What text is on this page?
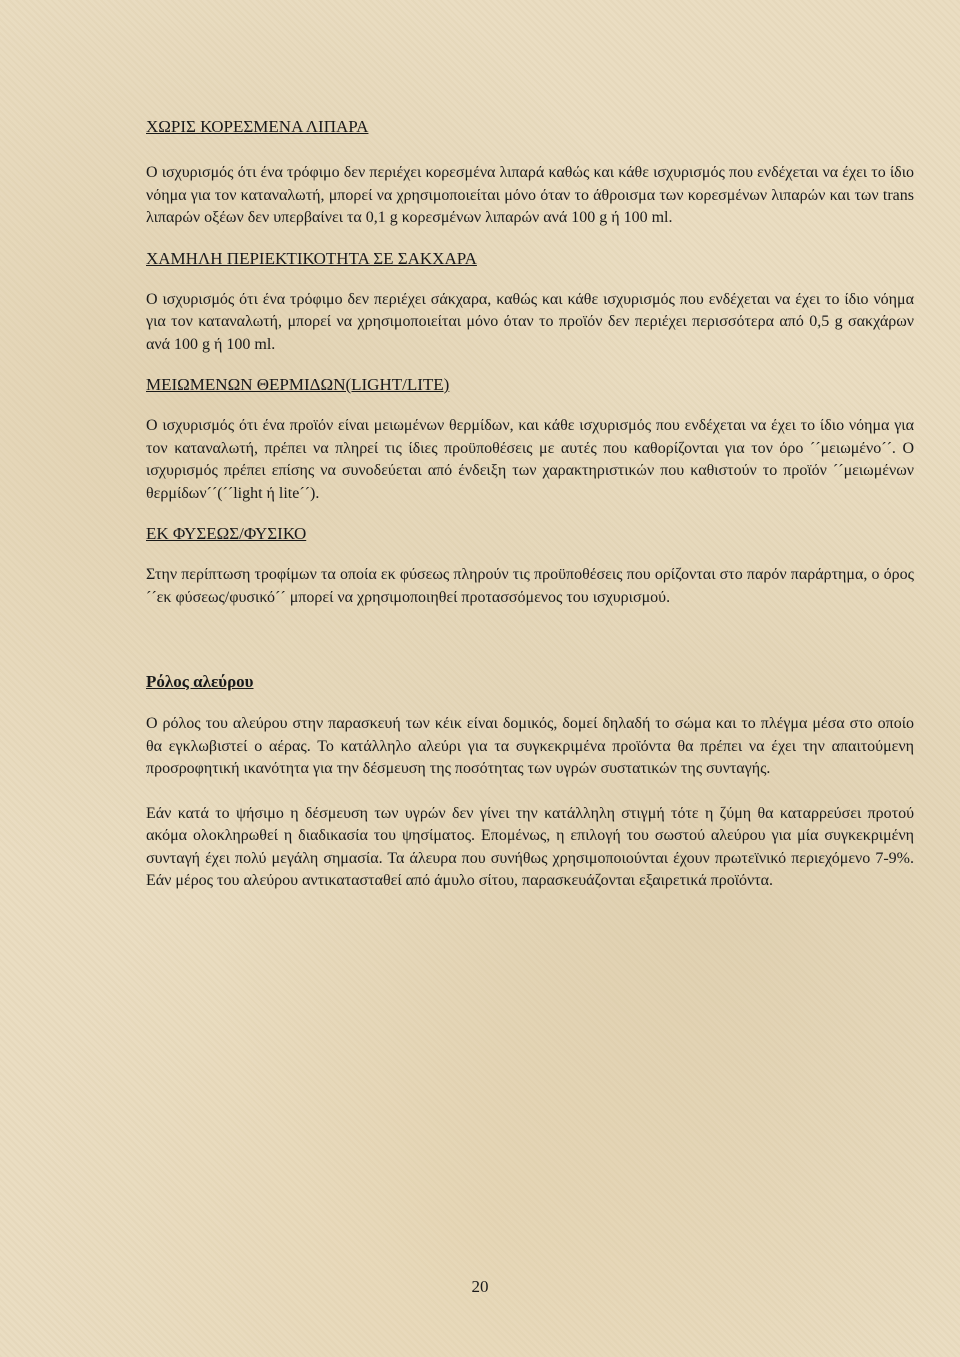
ΧΩΡΙΣ ΚΟΡΕΣΜΕΝΑ ΛΙΠΑΡΑ

Ο ισχυρισμός ότι ένα τρόφιμο δεν περιέχει κορεσμένα λιπαρά καθώς και κάθε ισχυρισμός που ενδέχεται να έχει το ίδιο νόημα για τον καταναλωτή, μπορεί να χρησιμοποιείται μόνο όταν το άθροισμα των κορεσμένων λιπαρών και των trans λιπαρών οξέων δεν υπερβαίνει τα 0,1 g κορεσμένων λιπαρών ανά 100 g ή 100 ml.

ΧΑΜΗΛΗ ΠΕΡΙΕΚΤΙΚΟΤΗΤΑ ΣΕ ΣΑΚΧΑΡΑ

Ο ισχυρισμός ότι ένα τρόφιμο δεν περιέχει σάκχαρα, καθώς και κάθε ισχυρισμός που ενδέχεται να έχει το ίδιο νόημα για τον καταναλωτή, μπορεί να χρησιμοποιείται μόνο όταν το προϊόν δεν περιέχει περισσότερα από 0,5 g σακχάρων ανά 100 g ή 100 ml.

ΜΕΙΩΜΕΝΩΝ ΘΕΡΜΙΔΩΝ(LIGHT/LITE)

Ο ισχυρισμός ότι ένα προϊόν είναι μειωμένων θερμίδων, και κάθε ισχυρισμός που ενδέχεται να έχει το ίδιο νόημα για τον καταναλωτή, πρέπει να πληρεί τις ίδιες προϋποθέσεις με αυτές που καθορίζονται για τον όρο ´´μειωμένο´´. Ο ισχυρισμός πρέπει επίσης να συνοδεύεται από ένδειξη των χαρακτηριστικών που καθιστούν το προϊόν ´´μειωμένων θερμίδων´´(´´light ή lite´´).

ΕΚ ΦΥΣΕΩΣ/ΦΥΣΙΚΟ

Στην περίπτωση τροφίμων τα οποία εκ φύσεως πληρούν τις προϋποθέσεις που ορίζονται στο παρόν παράρτημα, ο όρος ´´εκ φύσεως/φυσικό´´ μπορεί να χρησιμοποιηθεί προτασσόμενος του ισχυρισμού.

Ρόλος αλεύρου

Ο ρόλος του αλεύρου στην παρασκευή των κέικ είναι δομικός, δομεί δηλαδή το σώμα και το πλέγμα μέσα στο οποίο θα εγκλωβιστεί ο αέρας. Το κατάλληλο αλεύρι για τα συγκεκριμένα προϊόντα θα πρέπει να έχει την απαιτούμενη προσροφητική ικανότητα για την δέσμευση της ποσότητας των υγρών συστατικών της συνταγής.

Εάν κατά το ψήσιμο η δέσμευση των υγρών δεν γίνει την κατάλληλη στιγμή τότε η ζύμη θα καταρρεύσει προτού ακόμα ολοκληρωθεί η διαδικασία του ψησίματος. Επομένως, η επιλογή του σωστού αλεύρου για μία συγκεκριμένη συνταγή έχει πολύ μεγάλη σημασία. Τα άλευρα που συνήθως χρησιμοποιούνται έχουν πρωτεϊνικό περιεχόμενο 7-9%. Εάν μέρος του αλεύρου αντικατασταθεί από άμυλο σίτου, παρασκευάζονται εξαιρετικά προϊόντα.

20
